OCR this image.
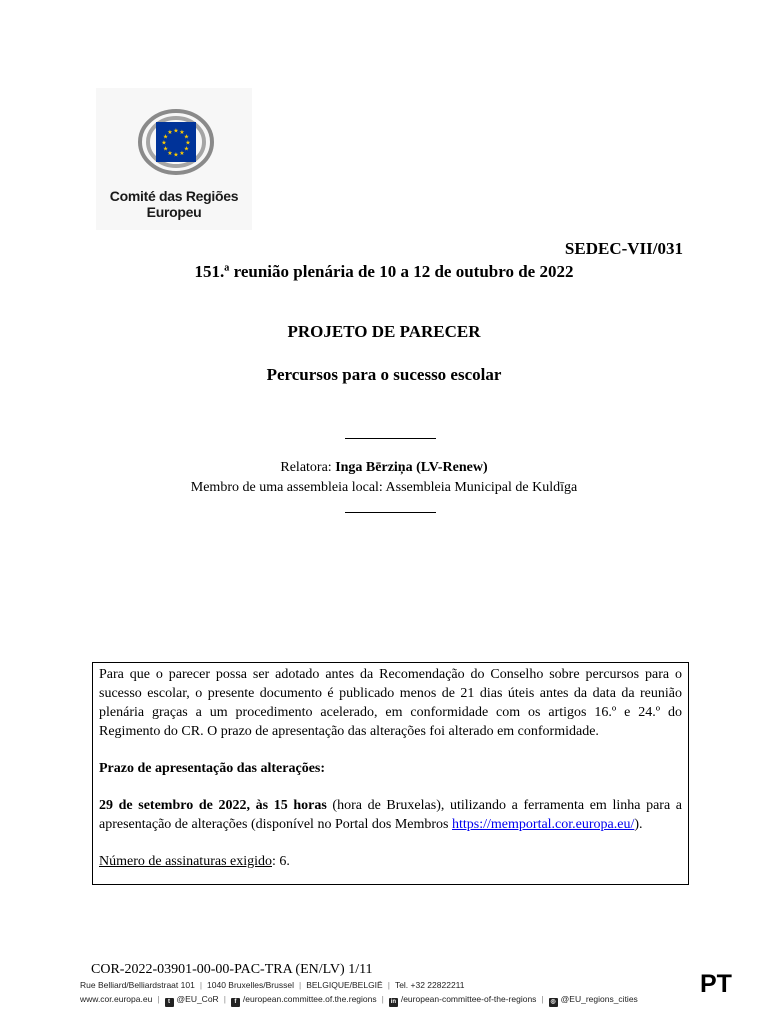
★
★
★
★
★
★
★
★
★ ★ ★
★
Comité das Regiões
Europeu
SEDEC-VII/031
151.ª reunião plenária de 10 a 12 de outubro de 2022
PROJETO DE PARECER
Percursos para o sucesso escolar
Relatora: Inga Bērziņa (LV-Renew)
Membro de uma assembleia local: Assembleia Municipal de Kuldīga

Para que o parecer possa ser adotado antes da Recomendação do Conselho sobre percursos para o sucesso escolar, o presente documento é publicado menos de 21 dias úteis antes da data da reunião plenária graças a um procedimento acelerado, em conformidade com os artigos 16.º e 24.º do Regimento do CR. O prazo de apresentação das alterações foi alterado em conformidade.

Prazo de apresentação das alterações:

29 de setembro de 2022, às 15 horas (hora de Bruxelas), utilizando a ferramenta em linha para a apresentação de alterações (disponível no Portal dos Membros https://memportal.cor.europa.eu/).

Número de assinaturas exigido: 6.

COR-2022-03901-00-00-PAC-TRA (EN/LV) 1/11
Rue Belliard/Belliardstraat 101 | 1040 Bruxelles/Brussel | BELGIQUE/BELGIË | Tel. +32 22822211
www.cor.europa.eu | t @EU_CoR | f /european.committee.of.the.regions | in /european-committee-of-the-regions | ◎ @EU_regions_cities
PT
